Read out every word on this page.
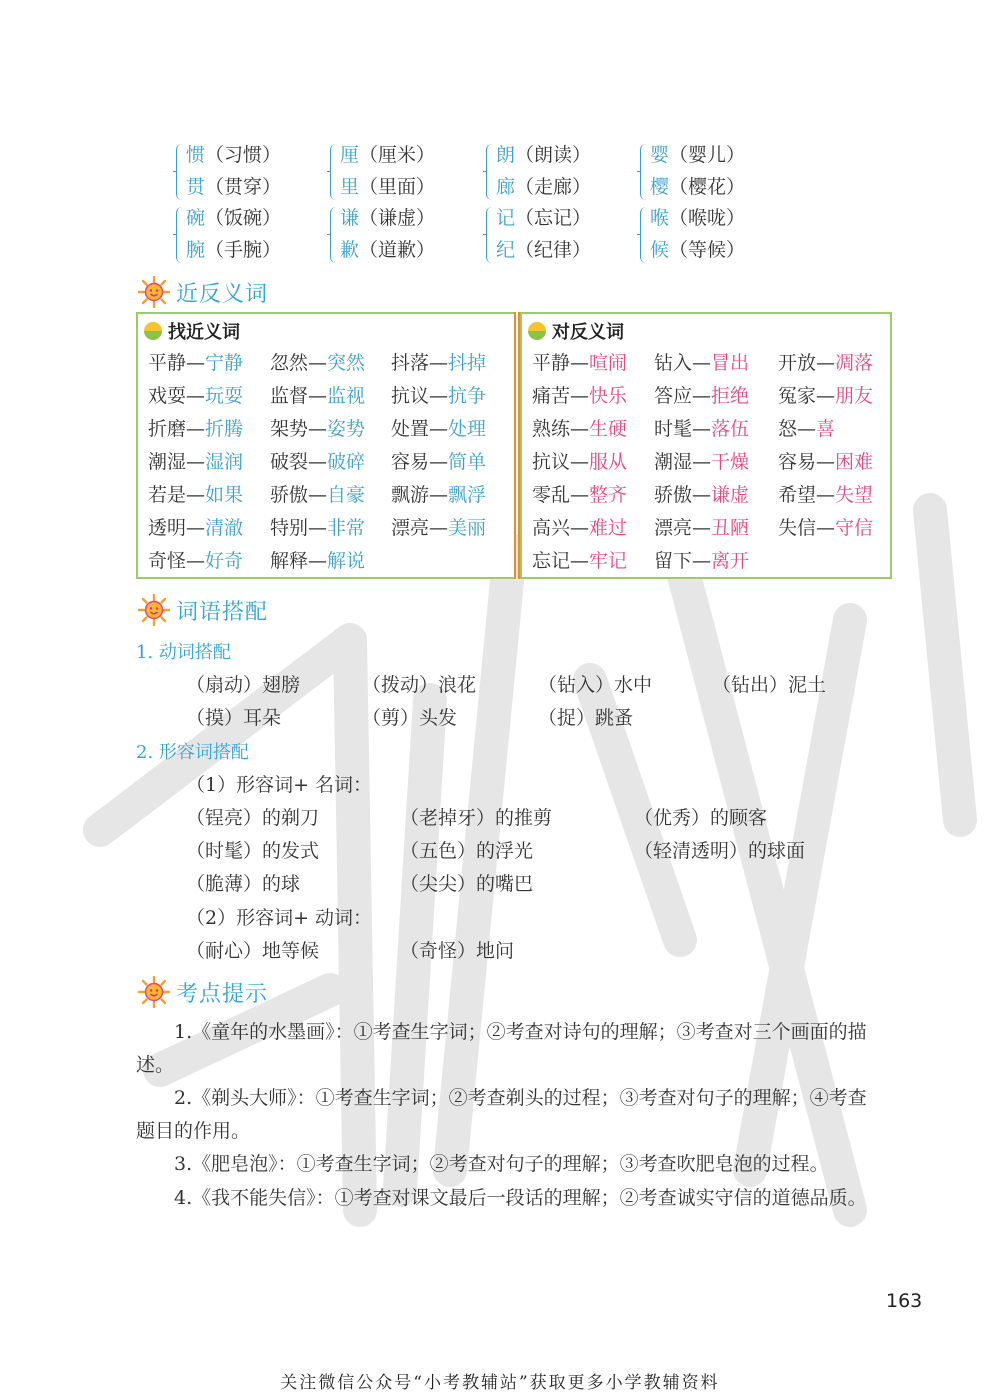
惯（习惯）
贯（贯穿）
厘（厘米）
里（里面）
朗（朗读）
廊（走廊）
婴（婴儿）
樱（樱花）
碗（饭碗）
腕（手腕）
谦（谦虚）
歉（道歉）
记（忘记）
纪（纪律）
喉（喉咙）
候（等候）
近反义词
找近义词
平静—宁静 忽然—突然 抖落—抖掉
戏耍—玩耍 监督—监视 抗议—抗争
折磨—折腾 架势—姿势 处置—处理
潮湿—湿润 破裂—破碎 容易—简单
若是—如果 骄傲—自豪 飘游—飘浮
透明—清澈 特别—非常 漂亮—美丽
奇怪—好奇 解释—解说
对反义词
平静—喧闹 钻入—冒出 开放—凋落
痛苦—快乐 答应—拒绝 冤家—朋友
熟练—生硬 时髦—落伍 怒—喜
抗议—服从 潮湿—干燥 容易—困难
零乱—整齐 骄傲—谦虚 希望—失望
高兴—难过 漂亮—丑陋 失信—守信
忘记—牢记 留下—离开
词语搭配
1. 动词搭配
（扇动）翅膀	（拨动）浪花	（钻入）水中	（钻出）泥土
（摸）耳朵	（剪）头发	（捉）跳蚤
2. 形容词搭配
（1）形容词+ 名词：
（锃亮）的剃刀	（老掉牙）的推剪	（优秀）的顾客
（时髦）的发式	（五色）的浮光	（轻清透明）的球面
（脆薄）的球	（尖尖）的嘴巴
（2）形容词+ 动词：
（耐心）地等候	（奇怪）地问
考点提示
1.《童年的水墨画》：①考查生字词；②考查对诗句的理解；③考查对三个画面的描述。
2.《剃头大师》：①考查生字词；②考查剃头的过程；③考查对句子的理解；④考查题目的作用。
3.《肥皂泡》：①考查生字词；②考查对句子的理解；③考查吹肥皂泡的过程。
4.《我不能失信》：①考查对课文最后一段话的理解；②考查诚实守信的道德品质。
163
关注微信公众号“小考教辅站”获取更多小学教辅资料
